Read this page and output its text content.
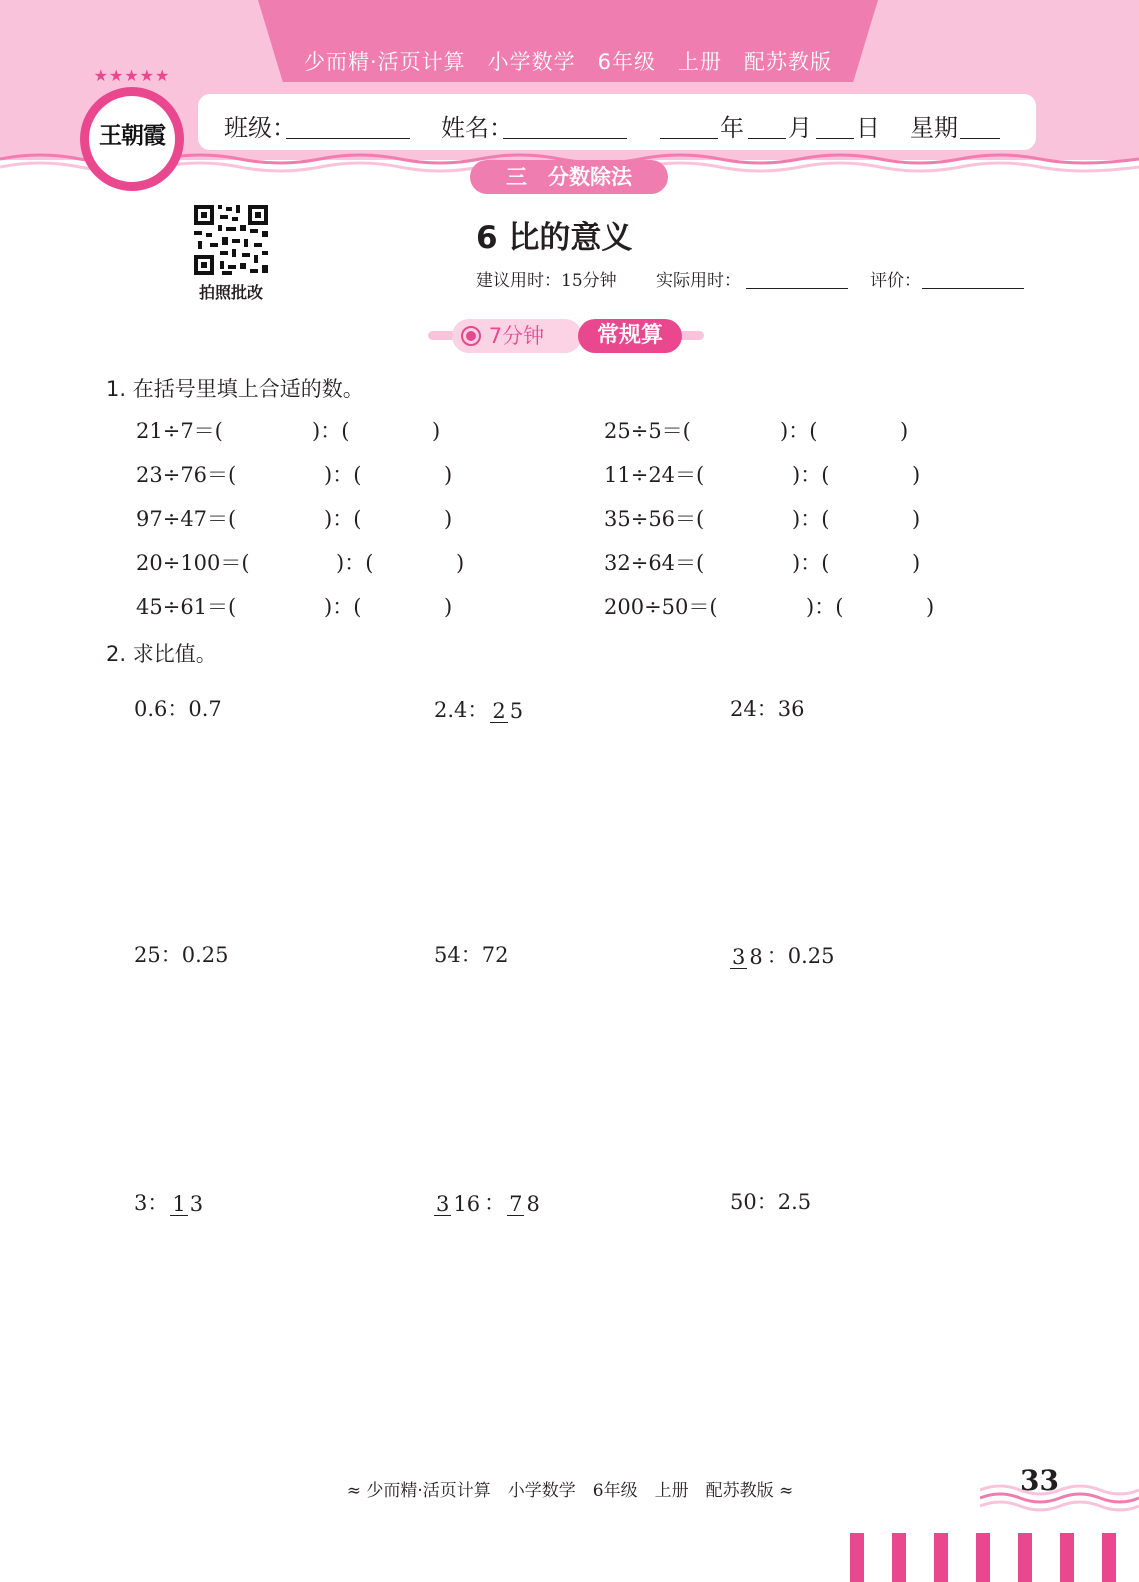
少而精·活页计算　小学数学　6年级　上册　配苏教版
班级：	姓名：	年 月 日 星期
三　分数除法
★★★★★
王朝霞
拍照批改
6 比的意义
建议用时：15分钟 实际用时：	评价：
7分钟	常规算
1. 在括号里填上合适的数。
21÷7＝(	)：(	)	25÷5＝(	)：(	)
23÷76＝(	)：(	)	11÷24＝(	)：(	)
97÷47＝(	)：(	)	35÷56＝(	)：(	)
20÷100＝(	)：(	)	32÷64＝(	)：(	)
45÷61＝(	)：(	)	200÷50＝(	)：(	)
2. 求比值。
0.6：0.7	2.4： 2 5	24：36
25：0.25	54：72	3 8 ：0.25
3： 1 3	3 16 ： 7 8	50：2.5
≈ 少而精·活页计算　小学数学　6年级　上册　配苏教版 ≈	33
